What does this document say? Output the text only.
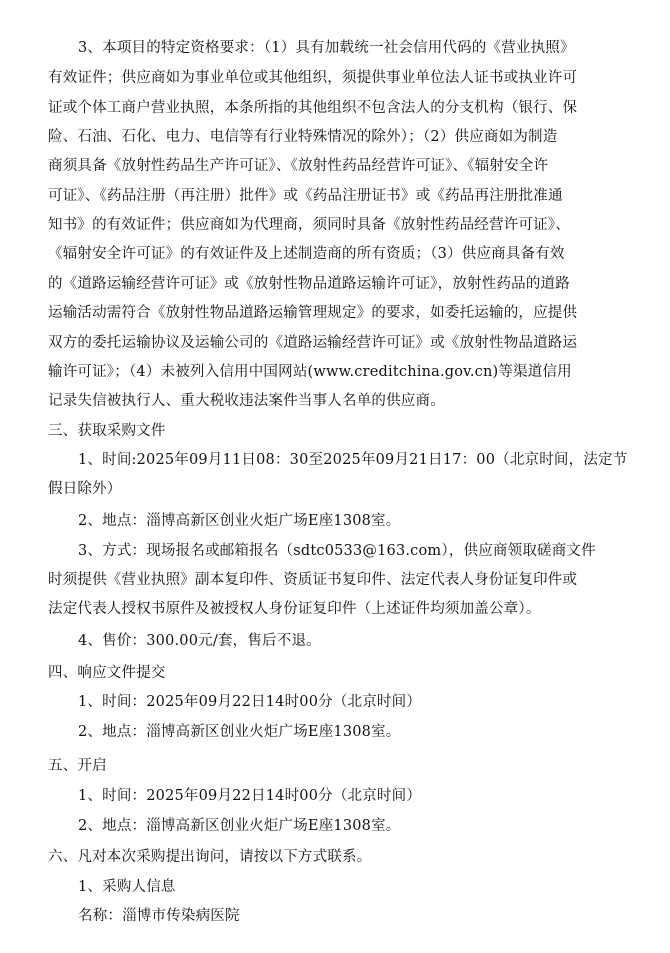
3、本项目的特定资格要求：（1）具有加载统一社会信用代码的《营业执照》
有效证件；供应商如为事业单位或其他组织，须提供事业单位法人证书或执业许可
证或个体工商户营业执照，本条所指的其他组织不包含法人的分支机构（银行、保
险、石油、石化、电力、电信等有行业特殊情况的除外）；（2）供应商如为制造
商须具备《放射性药品生产许可证》、《放射性药品经营许可证》、《辐射安全许
可证》、《药品注册（再注册）批件》或《药品注册证书》或《药品再注册批准通
知书》的有效证件；供应商如为代理商，须同时具备《放射性药品经营许可证》、
《辐射安全许可证》的有效证件及上述制造商的所有资质；（3）供应商具备有效
的《道路运输经营许可证》或《放射性物品道路运输许可证》，放射性药品的道路
运输活动需符合《放射性物品道路运输管理规定》的要求，如委托运输的，应提供
双方的委托运输协议及运输公司的《道路运输经营许可证》或《放射性物品道路运
输许可证》；（4）未被列入信用中国网站(www.creditchina.gov.cn)等渠道信用
记录失信被执行人、重大税收违法案件当事人名单的供应商。
三、获取采购文件
1、时间:2025年09月11日08：30至2025年09月21日17：00（北京时间，法定节
假日除外）
2、地点：淄博高新区创业火炬广场E座1308室。
3、方式：现场报名或邮箱报名（sdtc0533@163.com），供应商领取磋商文件
时须提供《营业执照》副本复印件、资质证书复印件、法定代表人身份证复印件或
法定代表人授权书原件及被授权人身份证复印件（上述证件均须加盖公章）。
4、售价：300.00元/套，售后不退。
四、响应文件提交
1、时间：2025年09月22日14时00分（北京时间）
2、地点：淄博高新区创业火炬广场E座1308室。
五、开启
1、时间：2025年09月22日14时00分（北京时间）
2、地点：淄博高新区创业火炬广场E座1308室。
六、凡对本次采购提出询问，请按以下方式联系。
1、采购人信息
名称：淄博市传染病医院
